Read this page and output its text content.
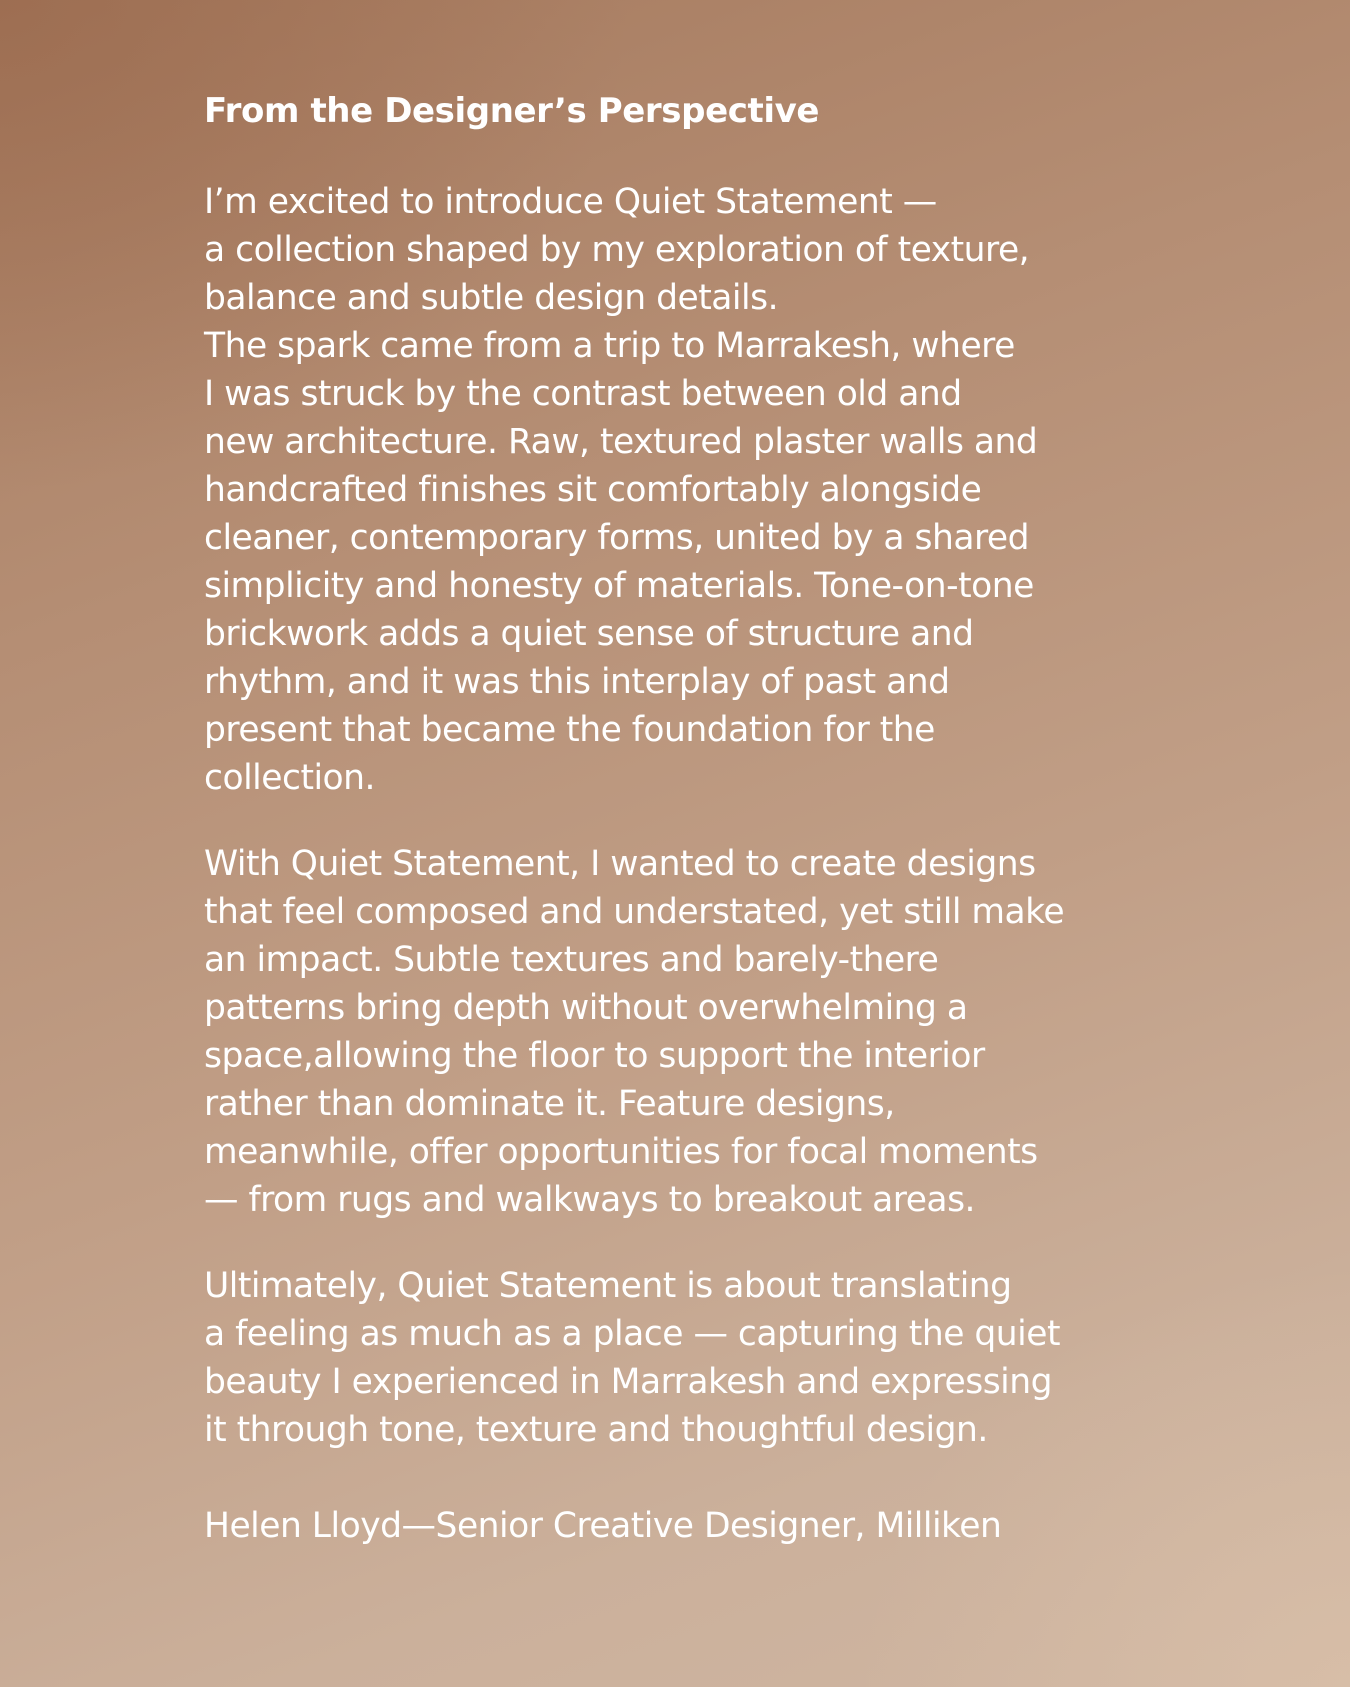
From the Designer’s Perspective

I’m excited to introduce Quiet Statement —
a collection shaped by my exploration of texture,
balance and subtle design details.
The spark came from a trip to Marrakesh, where
I was struck by the contrast between old and
new architecture. Raw, textured plaster walls and
handcrafted finishes sit comfortably alongside
cleaner, contemporary forms, united by a shared
simplicity and honesty of materials. Tone-on-tone
brickwork adds a quiet sense of structure and
rhythm, and it was this interplay of past and
present that became the foundation for the
collection.

With Quiet Statement, I wanted to create designs
that feel composed and understated, yet still make
an impact. Subtle textures and barely-there
patterns bring depth without overwhelming a
space,allowing the floor to support the interior
rather than dominate it. Feature designs,
meanwhile, offer opportunities for focal moments
— from rugs and walkways to breakout areas.

Ultimately, Quiet Statement is about translating
a feeling as much as a place — capturing the quiet
beauty I experienced in Marrakesh and expressing
it through tone, texture and thoughtful design.

Helen Lloyd—Senior Creative Designer, Milliken
